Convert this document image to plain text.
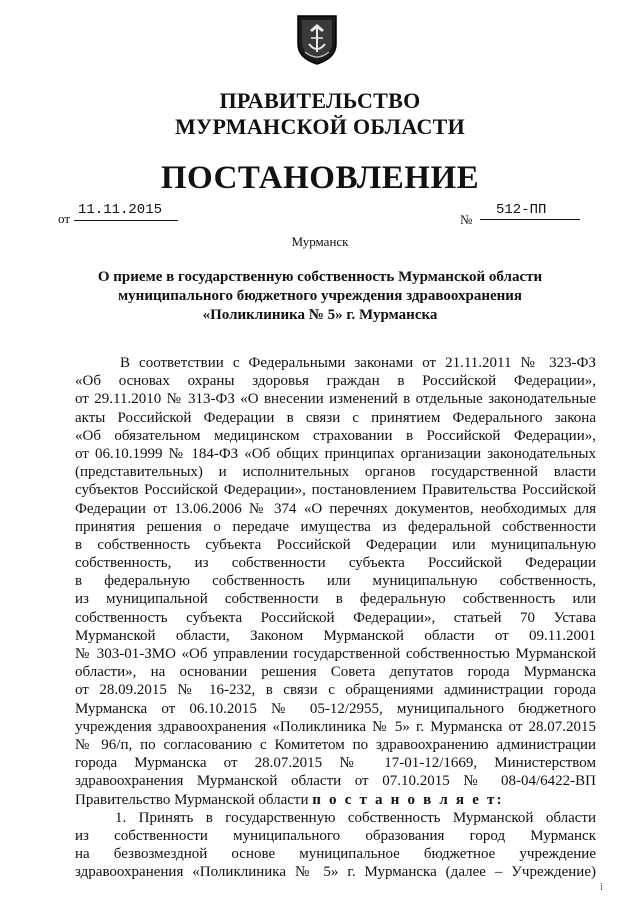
ПРАВИТЕЛЬСТВО
МУРМАНСКОЙ ОБЛАСТИ
ПОСТАНОВЛЕНИЕ
от
11.11.2015
№
512-ПП
Мурманск
О приеме в государственную собственность Мурманской области
муниципального бюджетного учреждения здравоохранения
«Поликлиника № 5» г. Мурманска
В соответствии с Федеральными законами от 21.11.2011 № 323-ФЗ
«Об основах охраны здоровья граждан в Российской Федерации»,
от 29.11.2010 № 313-ФЗ «О внесении изменений в отдельные законодательные
акты Российской Федерации в связи с принятием Федерального закона
«Об обязательном медицинском страховании в Российской Федерации»,
от 06.10.1999 № 184-ФЗ «Об общих принципах организации законодательных
(представительных) и исполнительных органов государственной власти
субъектов Российской Федерации», постановлением Правительства Российской
Федерации от 13.06.2006 № 374 «О перечнях документов, необходимых для
принятия решения о передаче имущества из федеральной собственности
в собственность субъекта Российской Федерации или муниципальную
собственность, из собственности субъекта Российской Федерации
в федеральную собственность или муниципальную собственность,
из муниципальной собственности в федеральную собственность или
собственность субъекта Российской Федерации», статьей 70 Устава
Мурманской области, Законом Мурманской области от 09.11.2001
№ 303-01-ЗМО «Об управлении государственной собственностью Мурманской
области», на основании решения Совета депутатов города Мурманска
от 28.09.2015 № 16-232, в связи с обращениями администрации города
Мурманска от 06.10.2015 № 05-12/2955, муниципального бюджетного
учреждения здравоохранения «Поликлиника № 5» г. Мурманска от 28.07.2015
№ 96/п, по согласованию с Комитетом по здравоохранению администрации
города Мурманска от 28.07.2015 № 17-01-12/1669, Министерством
здравоохранения Мурманской области от 07.10.2015 № 08-04/6422-ВП
Правительство Мурманской области п о с т а н о в л я е т:
1. Принять в государственную собственность Мурманской области
из собственности муниципального образования город Мурманск
на безвозмездной основе муниципальное бюджетное учреждение
здравоохранения «Поликлиника № 5» г. Мурманска (далее – Учреждение)
i
